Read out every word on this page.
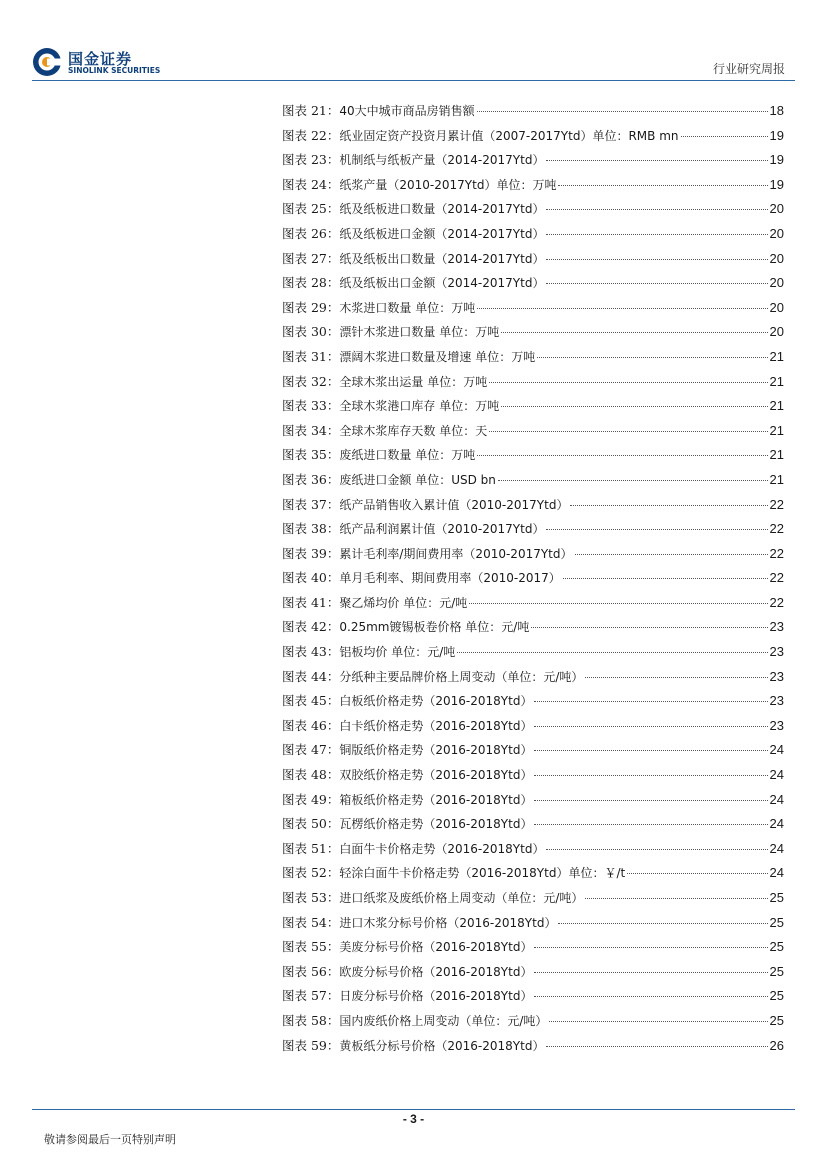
国金证券
SINOLINK SECURITIES	行业研究周报
图表 21： 40大中城市商品房销售额	18
图表 22： 纸业固定资产投资月累计值（2007-2017Ytd）单位：RMB mn	19
图表 23： 机制纸与纸板产量（2014-2017Ytd）	19
图表 24： 纸浆产量（2010-2017Ytd）单位：万吨	19
图表 25： 纸及纸板进口数量（2014-2017Ytd）	20
图表 26： 纸及纸板进口金额（2014-2017Ytd）	20
图表 27： 纸及纸板出口数量（2014-2017Ytd）	20
图表 28： 纸及纸板出口金额（2014-2017Ytd）	20
图表 29： 木浆进口数量 单位：万吨	20
图表 30： 漂针木浆进口数量 单位：万吨	20
图表 31： 漂阔木浆进口数量及增速 单位：万吨	21
图表 32： 全球木浆出运量 单位：万吨	21
图表 33： 全球木浆港口库存 单位：万吨	21
图表 34： 全球木浆库存天数 单位：天	21
图表 35： 废纸进口数量 单位：万吨	21
图表 36： 废纸进口金额 单位：USD bn	21
图表 37： 纸产品销售收入累计值（2010-2017Ytd）	22
图表 38： 纸产品利润累计值（2010-2017Ytd）	22
图表 39： 累计毛利率/期间费用率（2010-2017Ytd）	22
图表 40： 单月毛利率、期间费用率（2010-2017）	22
图表 41： 聚乙烯均价 单位：元/吨	22
图表 42： 0.25mm镀锡板卷价格 单位：元/吨	23
图表 43： 铝板均价 单位：元/吨	23
图表 44： 分纸种主要品牌价格上周变动（单位：元/吨）	23
图表 45： 白板纸价格走势（2016-2018Ytd）	23
图表 46： 白卡纸价格走势（2016-2018Ytd）	23
图表 47： 铜版纸价格走势（2016-2018Ytd）	24
图表 48： 双胶纸价格走势（2016-2018Ytd）	24
图表 49： 箱板纸价格走势（2016-2018Ytd）	24
图表 50： 瓦楞纸价格走势（2016-2018Ytd）	24
图表 51： 白面牛卡价格走势（2016-2018Ytd）	24
图表 52： 轻涂白面牛卡价格走势（2016-2018Ytd）单位：￥/t	24
图表 53： 进口纸浆及废纸价格上周变动（单位：元/吨）	25
图表 54： 进口木浆分标号价格（2016-2018Ytd）	25
图表 55： 美废分标号价格（2016-2018Ytd）	25
图表 56： 欧废分标号价格（2016-2018Ytd）	25
图表 57： 日废分标号价格（2016-2018Ytd）	25
图表 58： 国内废纸价格上周变动（单位：元/吨）	25
图表 59： 黄板纸分标号价格（2016-2018Ytd）	26
- 3 -
敬请参阅最后一页特别声明
